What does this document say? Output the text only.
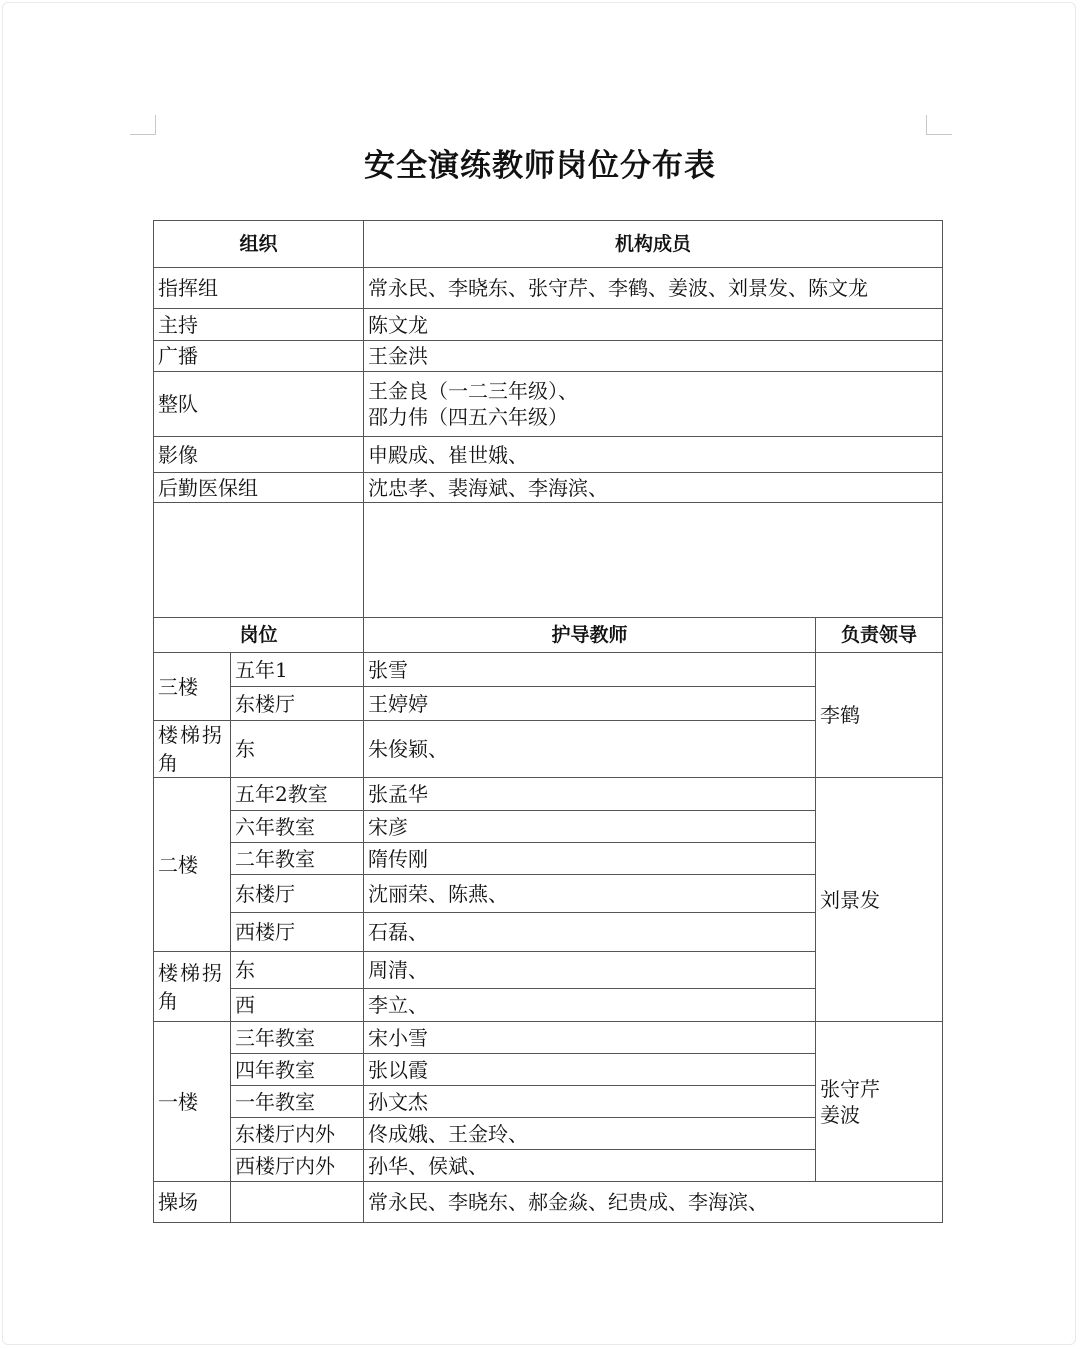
安全演练教师岗位分布表
组织		机构成员	
指挥组		常永民、李晓东、张守芹、李鹤、姜波、刘景发、陈文龙	
主持		陈文龙	
广播		王金洪	
整队		王金良（一二三年级）、
邵力伟（四五六年级）	

影像		申殿成、崔世娥、	
后勤医保组		沈忠孝、裴海斌、李海滨、	

岗位		护导教师	负责领导
三楼	五年1	张雪	李鹤
	东楼厅	王婷婷	
楼梯拐角	东	朱俊颖、	
二楼	五年2教室	张孟华	刘景发
	六年教室	宋彦	
	二年教室	隋传刚	
	东楼厅	沈丽荣、陈燕、	
	西楼厅	石磊、	
楼梯拐角	东	周清、	
	西	李立、	
一楼	三年教室	宋小雪	张守芹
姜波

	四年教室	张以霞	
	一年教室	孙文杰	
	东楼厅内外	佟成娥、王金玲、	
	西楼厅内外	孙华、侯斌、	
操场		常永民、李晓东、郝金焱、纪贵成、李海滨、	
